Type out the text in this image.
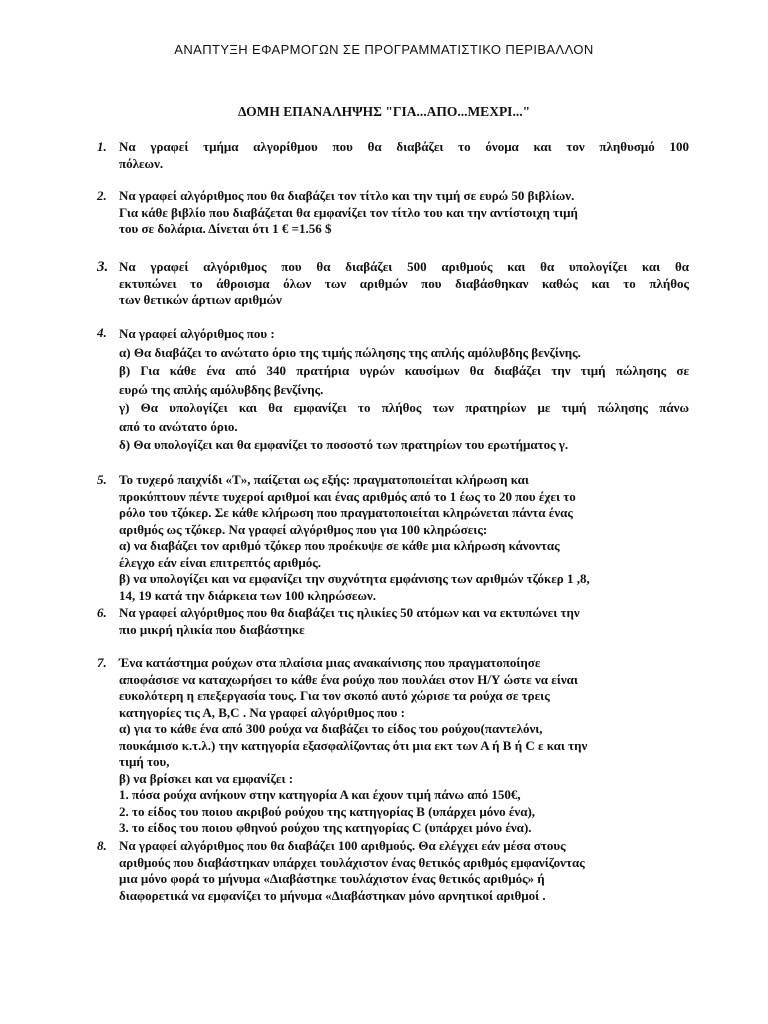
ΑΝΑΠΤΥΞΗ ΕΦΑΡΜΟΓΩΝ ΣΕ ΠΡΟΓΡΑΜΜΑΤΙΣΤΙΚΟ ΠΕΡΙΒΑΛΛΟΝ
ΔΟΜΗ ΕΠΑΝΑΛΗΨΗΣ "ΓΙΑ...ΑΠΟ...ΜΕΧΡΙ..."
1. Να γραφεί τμήμα αλγορίθμου που θα διαβάζει το όνομα και τον πληθυσμό 100

πόλεων.

2. Να γραφεί αλγόριθμος που θα διαβάζει τον τίτλο και την τιμή σε ευρώ 50 βιβλίων.

Για κάθε βιβλίο που διαβάζεται θα εμφανίζει τον τίτλο του και την αντίστοιχη τιμή

του σε δολάρια. Δίνεται ότι 1 € =1.56 $

3. Να γραφεί αλγόριθμος που θα διαβάζει 500 αριθμούς και θα υπολογίζει και θα

εκτυπώνει το άθροισμα όλων των αριθμών που διαβάσθηκαν καθώς και το πλήθος

των θετικών άρτιων αριθμών

4. Να γραφεί αλγόριθμος που :

α) Θα διαβάζει το ανώτατο όριο της τιμής πώλησης της απλής αμόλυβδης βενζίνης.

β) Για κάθε ένα από 340 πρατήρια υγρών καυσίμων θα διαβάζει την τιμή πώλησης σε

ευρώ της απλής αμόλυβδης βενζίνης.

γ) Θα υπολογίζει και θα εμφανίζει το πλήθος των πρατηρίων με τιμή πώλησης πάνω

από το ανώτατο όριο.

δ) Θα υπολογίζει και θα εμφανίζει το ποσοστό των πρατηρίων του ερωτήματος γ.

5. Το τυχερό παιχνίδι «Τ», παίζεται ως εξής: πραγματοποιείται κλήρωση και

προκύπτουν πέντε τυχεροί αριθμοί και ένας αριθμός από το 1 έως το 20 που έχει το

ρόλο του τζόκερ. Σε κάθε κλήρωση που πραγματοποιείται κληρώνεται πάντα ένας

αριθμός ως τζόκερ. Να γραφεί αλγόριθμος που για 100 κληρώσεις:

α) να διαβάζει τον αριθμό τζόκερ που προέκυψε σε κάθε μια κλήρωση κάνοντας

έλεγχο εάν είναι επιτρεπτός αριθμός.

β) να υπολογίζει και να εμφανίζει την συχνότητα εμφάνισης των αριθμών τζόκερ 1 ,8,

14, 19 κατά την διάρκεια των 100 κληρώσεων.

6. Να γραφεί αλγόριθμος που θα διαβάζει τις ηλικίες 50 ατόμων και να εκτυπώνει την

πιο μικρή ηλικία που διαβάστηκε

7. Ένα κατάστημα ρούχων στα πλαίσια μιας ανακαίνισης που πραγματοποίησε

αποφάσισε να καταχωρήσει το κάθε ένα ρούχο που πουλάει στον Η/Υ ώστε να είναι

ευκολότερη η επεξεργασία τους. Για τον σκοπό αυτό χώρισε τα ρούχα σε τρεις

κατηγορίες τις Α, Β,C . Να γραφεί αλγόριθμος που :

α) για το κάθε ένα από 300 ρούχα να διαβάζει το είδος του ρούχου(παντελόνι,

πουκάμισο κ.τ.λ.) την κατηγορία εξασφαλίζοντας ότι μια εκτ των Α ή Β ή C ε και την

τιμή του,

β) να βρίσκει και να εμφανίζει :

1. πόσα ρούχα ανήκουν στην κατηγορία Α και έχουν τιμή πάνω από 150€,

2. το είδος του ποιου ακριβού ρούχου της κατηγορίας Β (υπάρχει μόνο ένα),

3. το είδος του ποιου φθηνού ρούχου της κατηγορίας C (υπάρχει μόνο ένα).

8. Να γραφεί αλγόριθμος που θα διαβάζει 100 αριθμούς. Θα ελέγχει εάν μέσα στους

αριθμούς που διαβάστηκαν υπάρχει τουλάχιστον ένας θετικός αριθμός εμφανίζοντας

μια μόνο φορά το μήνυμα «Διαβάστηκε τουλάχιστον ένας θετικός αριθμός» ή

διαφορετικά να εμφανίζει το μήνυμα «Διαβάστηκαν μόνο αρνητικοί αριθμοί .
